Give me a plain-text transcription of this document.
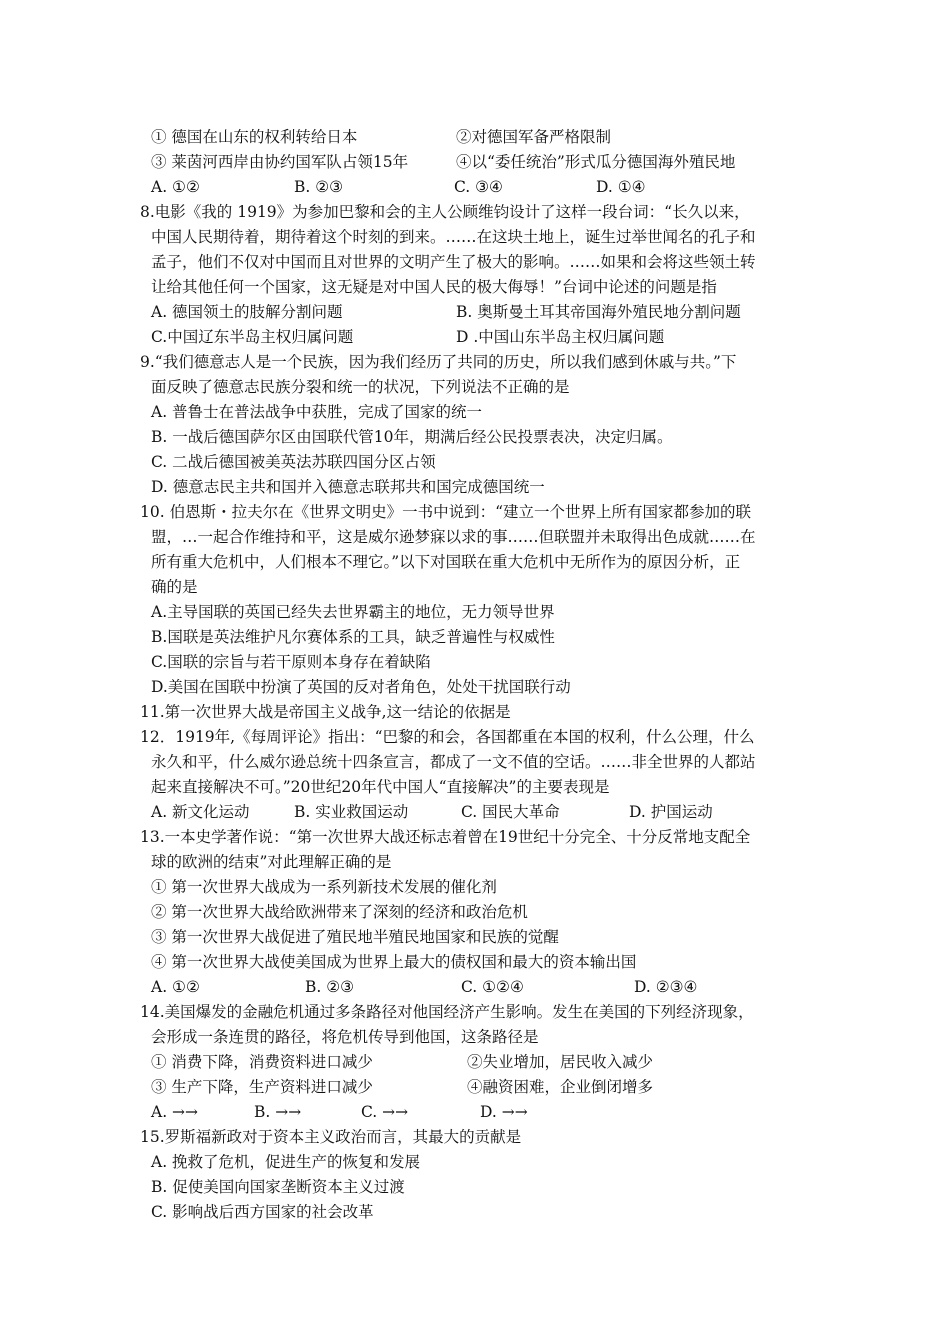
① 德国在山东的权利转给日本	②对德国军备严格限制
③ 莱茵河西岸由协约国军队占领15年	④以“委任统治”形式瓜分德国海外殖民地
A. ①②	B. ②③	C. ③④	D. ①④
8.电影《我的 1919》为参加巴黎和会的主人公顾维钧设计了这样一段台词：“长久以来，
中国人民期待着，期待着这个时刻的到来。……在这块土地上，诞生过举世闻名的孔子和
孟子，他们不仅对中国而且对世界的文明产生了极大的影响。……如果和会将这些领土转
让给其他任何一个国家，这无疑是对中国人民的极大侮辱！”台词中论述的问题是指
A. 德国领土的肢解分割问题	B. 奥斯曼土耳其帝国海外殖民地分割问题
C.中国辽东半岛主权归属问题	D .中国山东半岛主权归属问题
9.“我们德意志人是一个民族，因为我们经历了共同的历史，所以我们感到休戚与共。”下
面反映了德意志民族分裂和统一的状况，下列说法不正确的是
A. 普鲁士在普法战争中获胜，完成了国家的统一
B. 一战后德国萨尔区由国联代管10年，期满后经公民投票表决，决定归属。
C. 二战后德国被美英法苏联四国分区占领
D. 德意志民主共和国并入德意志联邦共和国完成德国统一
10. 伯恩斯・拉夫尔在《世界文明史》一书中说到：“建立一个世界上所有国家都参加的联
盟，…一起合作维持和平，这是威尔逊梦寐以求的事……但联盟并未取得出色成就……在
所有重大危机中，人们根本不理它。”以下对国联在重大危机中无所作为的原因分析，正
确的是
A.主导国联的英国已经失去世界霸主的地位，无力领导世界
B.国联是英法维护凡尔赛体系的工具，缺乏普遍性与权威性
C.国联的宗旨与若干原则本身存在着缺陷
D.美国在国联中扮演了英国的反对者角色，处处干扰国联行动
11.第一次世界大战是帝国主义战争,这一结论的依据是
12．1919年,《每周评论》指出：“巴黎的和会，各国都重在本国的权利，什么公理，什么
永久和平，什么威尔逊总统十四条宣言，都成了一文不值的空话。……非全世界的人都站
起来直接解决不可。”20世纪20年代中国人“直接解决”的主要表现是
A. 新文化运动	B. 实业救国运动	C. 国民大革命	D. 护国运动
13.一本史学著作说：“第一次世界大战还标志着曾在19世纪十分完全、十分反常地支配全
球的欧洲的结束”对此理解正确的是
① 第一次世界大战成为一系列新技术发展的催化剂
② 第一次世界大战给欧洲带来了深刻的经济和政治危机
③ 第一次世界大战促进了殖民地半殖民地国家和民族的觉醒
④ 第一次世界大战使美国成为世界上最大的债权国和最大的资本输出国
A. ①②	B. ②③	C. ①②④	D. ②③④
14.美国爆发的金融危机通过多条路径对他国经济产生影响。发生在美国的下列经济现象，
会形成一条连贯的路径，将危机传导到他国，这条路径是
① 消费下降，消费资料进口减少	②失业增加，居民收入减少
③ 生产下降，生产资料进口减少	④融资困难，企业倒闭增多
A. →→	B. →→	C. →→	D. →→
15.罗斯福新政对于资本主义政治而言，其最大的贡献是
A. 挽救了危机，促进生产的恢复和发展
B. 促使美国向国家垄断资本主义过渡
C. 影响战后西方国家的社会改革
